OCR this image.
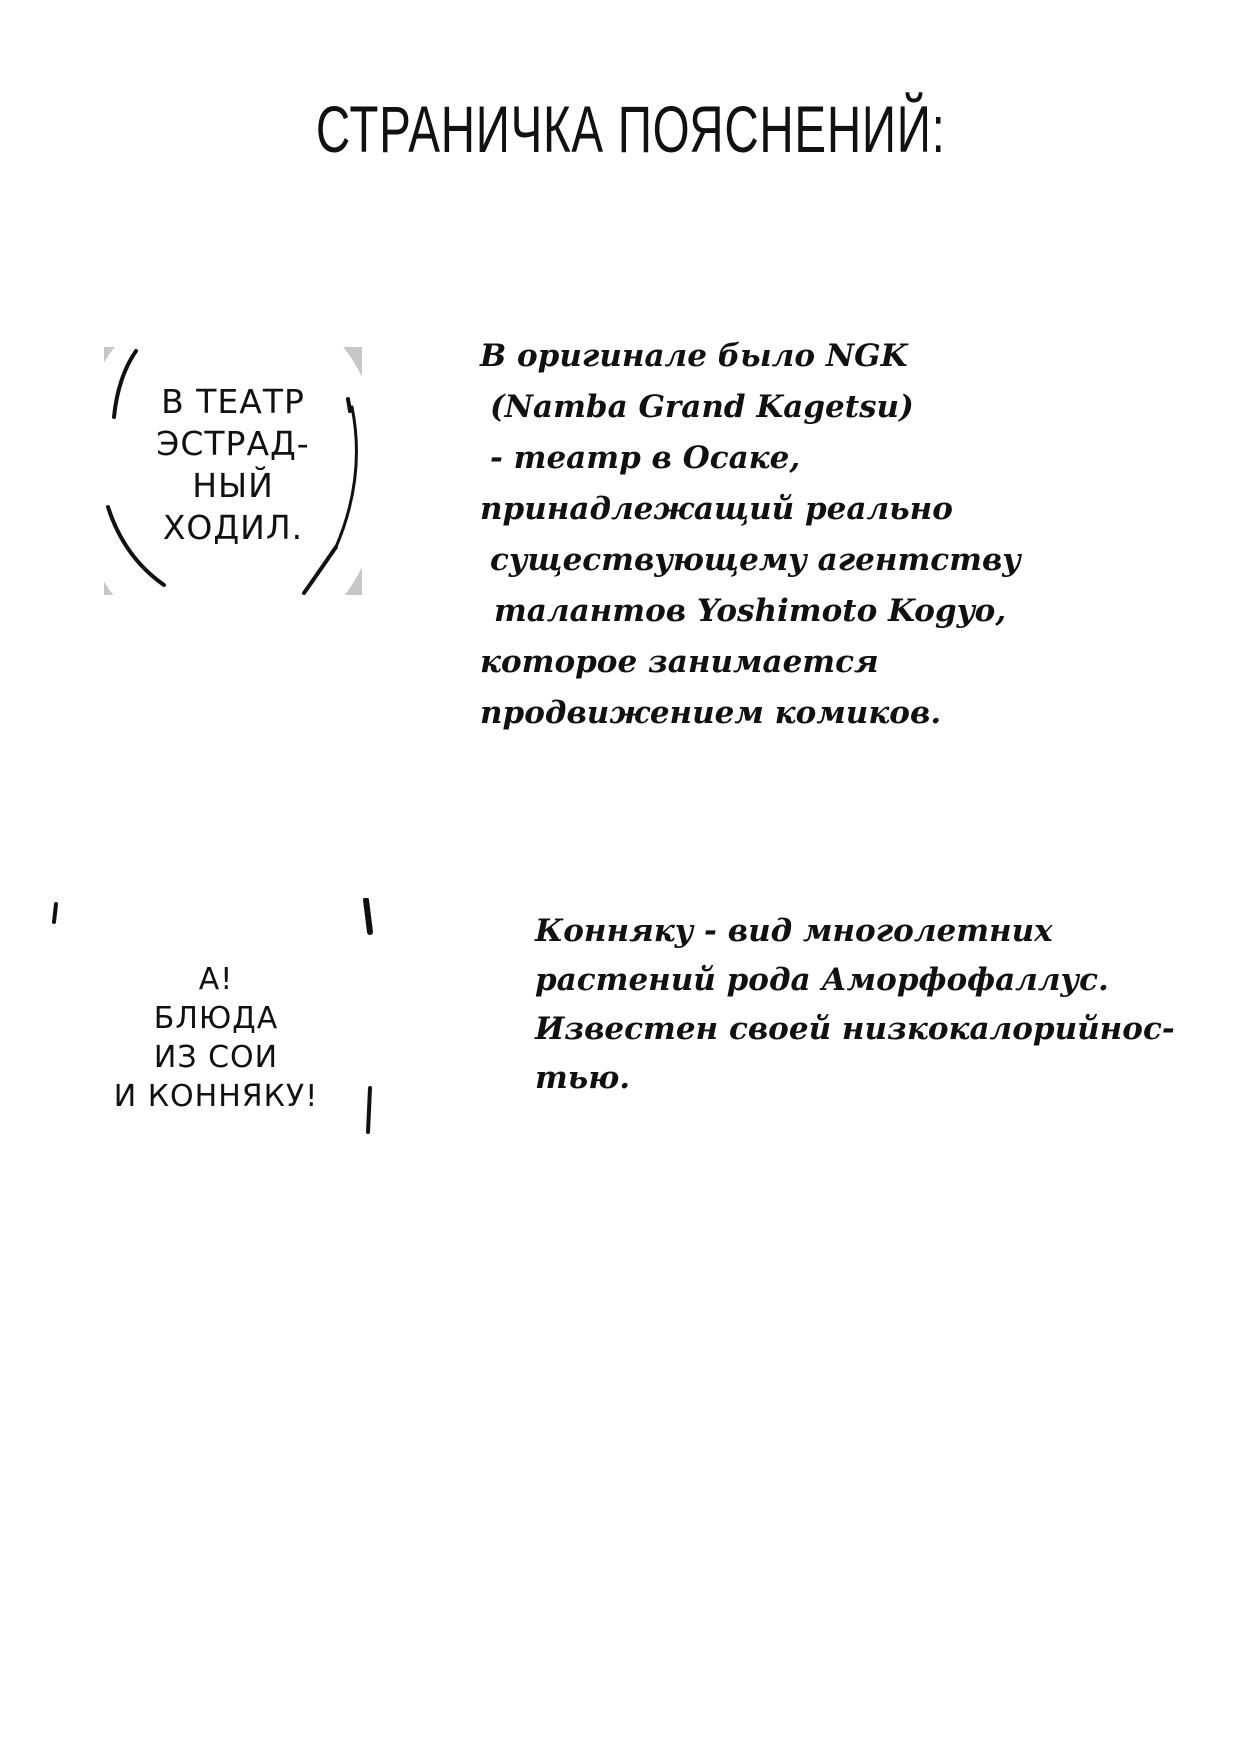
СТРАНИЧКА ПОЯСНЕНИЙ:
В ТЕАТР
ЭСТРАД-
НЫЙ
ХОДИЛ.
В оригинале было NGK
(Namba Grand Kagetsu)
- театр в Осаке,
принадлежащий реально
существующему агентству
талантов Yoshimoto Kogyo,
которое занимается
продвижением комиков.
А!
БЛЮДА
ИЗ СОИ
И КОННЯКУ!
Конняку - вид многолетних
растений рода Аморфофаллус.
Известен своей низкокалорийнос-
тью.
